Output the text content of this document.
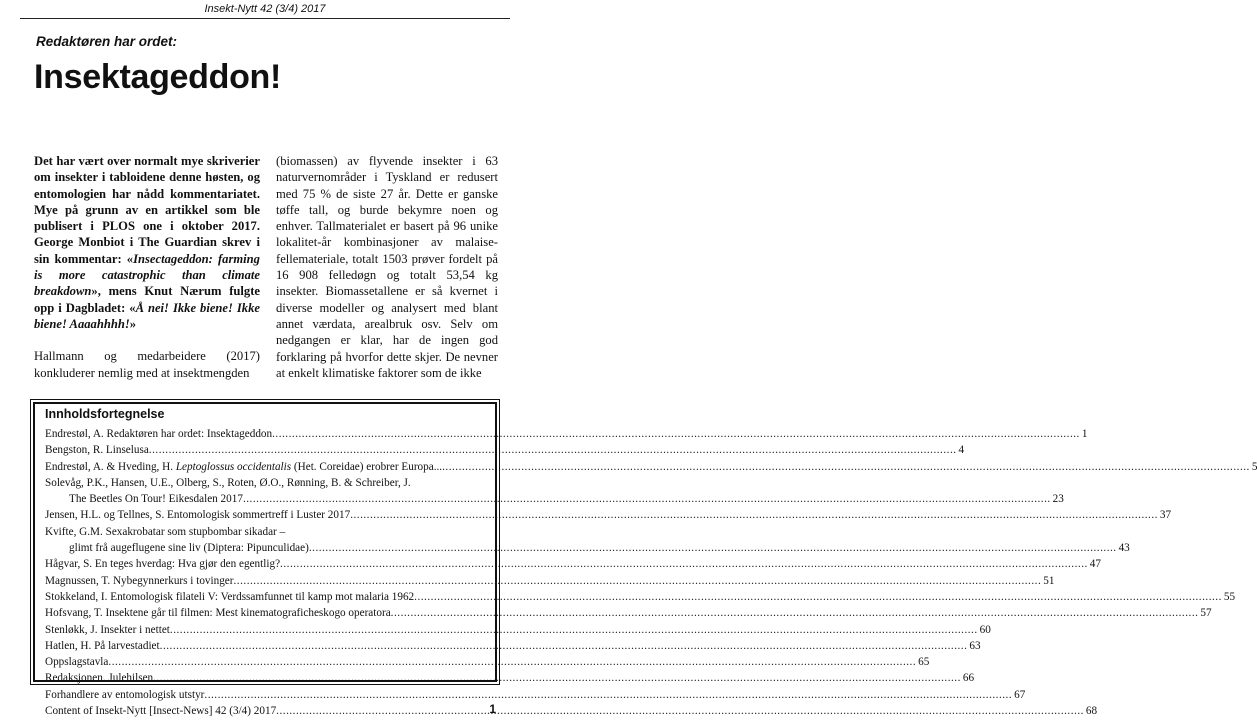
Insekt-Nytt 42 (3/4) 2017
Redaktøren har ordet:
Insektageddon!
Det har vært over normalt mye skriverier om insekter i tabloidene denne høsten, og entomologien har nådd kommentariatet. Mye på grunn av en artikkel som ble publisert i PLOS one i oktober 2017. George Monbiot i The Guardian skrev i sin kommentar: «Insectageddon: farming is more catastrophic than climate breakdown», mens Knut Nærum fulgte opp i Dagbladet: «Å nei! Ikke biene! Ikke biene! Aaaahhhh!»
Hallmann og medarbeidere (2017) konkluderer nemlig med at insektmengden
(biomassen) av flyvende insekter i 63 naturvernområder i Tyskland er redusert med 75 % de siste 27 år. Dette er ganske tøffe tall, og burde bekymre noen og enhver. Tallmaterialet er basert på 96 unike lokalitet-år kombinasjoner av malaise-fellemateriale, totalt 1503 prøver fordelt på 16 908 felledøgn og totalt 53,54 kg insekter. Biomassetallene er så kvernet i diverse modeller og analysert med blant annet værdata, arealbruk osv. Selv om nedgangen er klar, har de ingen god forklaring på hvorfor dette skjer. De nevner at enkelt klimatiske faktorer som de ikke
Innholdsfortegnelse
Endrestøl, A. Redaktøren har ordet: Insektageddon .....	1
Bengston, R. Linselusa .....	4
Endrestøl, A. & Hveding, H. Leptoglossus occidentalis (Het. Coreidae) erobrer Europa... .....	5
Solevåg, P.K., Hansen, U.E., Olberg, S., Roten, Ø.O., Rønning, B. & Schreiber, J.
The Beetles On Tour! Eikesdalen 2017 .....	23
Jensen, H.L. og Tellnes, S. Entomologisk sommertreff i Luster 2017 .....	37
Kvifte, G.M. Sexakrobatar som stupbombar sikadar –
glimt frå augeflugene sine liv (Diptera: Pipunculidae) .....	43
Hågvar, S. En teges hverdag: Hva gjør den egentlig? .....	47
Magnussen, T. Nybegynnerkurs i tovinger .....	51
Stokkeland, I. Entomologisk filateli V: Verdssamfunnet til kamp mot malaria 1962 .....	55
Hofsvang, T. Insektene går til filmen: Mest kinematograficheskogo operatora .....	57
Stenløkk, J. Insekter i nettet .....	60
Hatlen, H. På larvestadiet .....	63
Oppslagstavla .....	65
Redaksjonen. Julehilsen .....	66
Forhandlere av entomologisk utstyr .....	67
Content of Insekt-Nytt [Insect-News] 42 (3/4) 2017 .....	68
1
